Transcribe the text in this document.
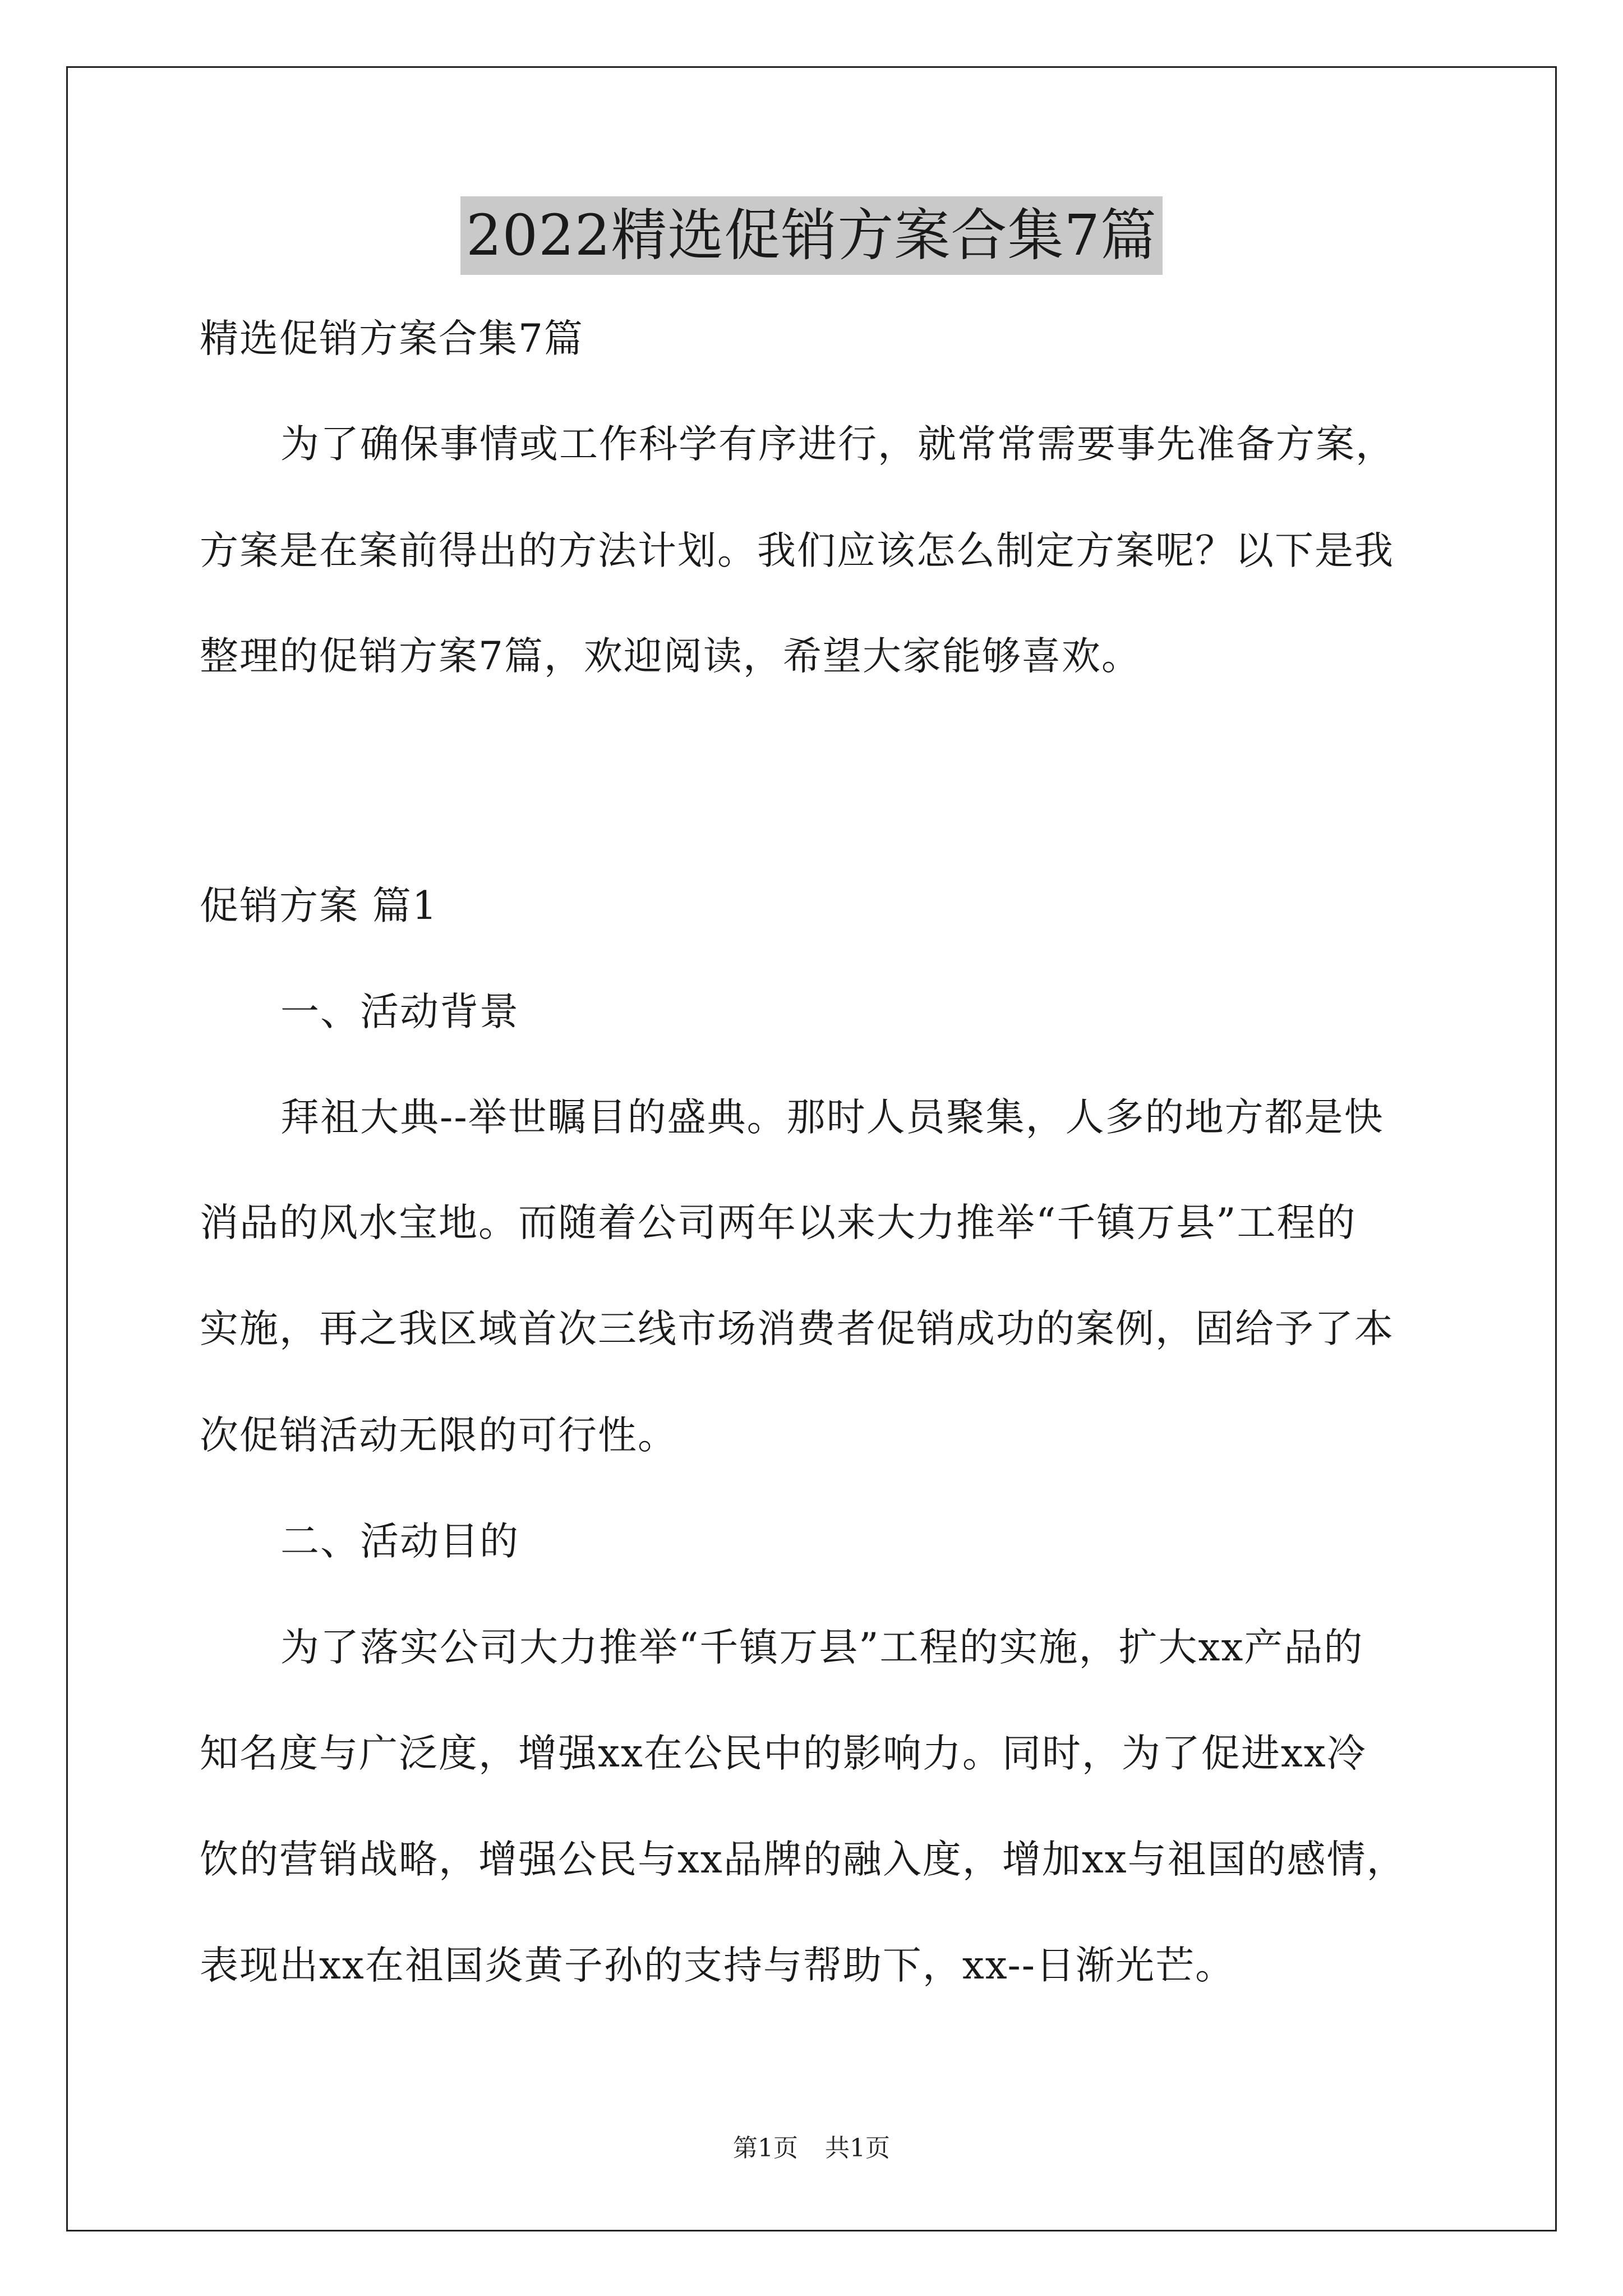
2022精选促销方案合集7篇
精选促销方案合集7篇
为了确保事情或工作科学有序进行，就常常需要事先准备方案，
方案是在案前得出的方法计划。我们应该怎么制定方案呢？以下是我
整理的促销方案7篇，欢迎阅读，希望大家能够喜欢。
促销方案 篇1
一、活动背景
拜祖大典--举世瞩目的盛典。那时人员聚集，人多的地方都是快
消品的风水宝地。而随着公司两年以来大力推举“千镇万县”工程的
实施，再之我区域首次三线市场消费者促销成功的案例，固给予了本
次促销活动无限的可行性。
二、活动目的
为了落实公司大力推举“千镇万县”工程的实施，扩大xx产品的
知名度与广泛度，增强xx在公民中的影响力。同时，为了促进xx冷
饮的营销战略，增强公民与xx品牌的融入度，增加xx与祖国的感情，
表现出xx在祖国炎黄子孙的支持与帮助下，xx--日渐光芒。
第1页 共1页
